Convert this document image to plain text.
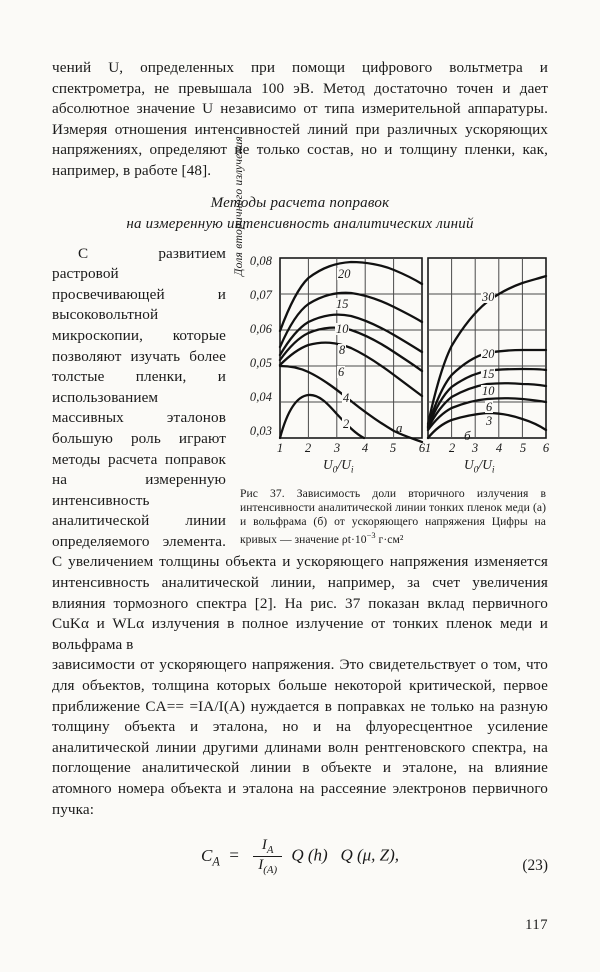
чений U, определенных при помощи цифрового вольтметра и спектрометра, не превышала 100 эВ. Метод достаточно точен и дает абсолютное значение U независимо от типа измерительной аппаратуры. Измеряя отношения интенсивностей линий при различных ускоряющих напряжениях, определяют не только состав, но и толщину пленки, как, например, в работе [48].

Методы расчета поправок
на измеренную интенсивность аналитических линий
Доля вторичного излучения 0,08
0,07
0,06
0,05
0,04
0,03
20
15
10
8
6
4
2	а
1	2	3	4	5	6
$U_0/U_i$
30
20
15
10
6
3
б
1	2	3	4	5	6
$U_0/U_i$
Рис 37. Зависимость доли вторичного излучения в интенсивности аналитической линии тонких пленок меди (а) и вольфрама (б) от ускоряющего напряжения Цифры на кривых — значение $\rho t\cdot 10^{-3}$ г·см²

С развитием растровой просвечивающей и высоковольтной микроскопии, которые позволяют изучать более толстые пленки, и использованием массивных эталонов большую роль играют методы расчета поправок на измеренную интенсивность аналитической линии определяемого элемента. С увеличением толщины объекта и ускоряющего напряжения изменяется интенсивность аналитической линии, например, за счет увеличения влияния тормозного спектра [2]. На рис. 37 показан вклад первичного CuKα и WLα излучения в полное излучение от тонких пленок меди и вольфрама в

зависимости от ускоряющего напряжения. Это свидетельствует о том, что для объектов, толщина которых больше некоторой критической, первое приближение CA== =IA/I(A) нуждается в поправках не только на разную толщину объекта и эталона, но и на флуоресцентное усиление аналитической линии другими длинами волн рентгеновского спектра, на поглощение аналитической линии в объекте и эталоне, на влияние атомного номера объекта и эталона на рассеяние электронов первичного пучка:

$C_A = \frac{I_A}{I_{(A)}}$ Q (h) Q (μ, Z),
(23)
117
